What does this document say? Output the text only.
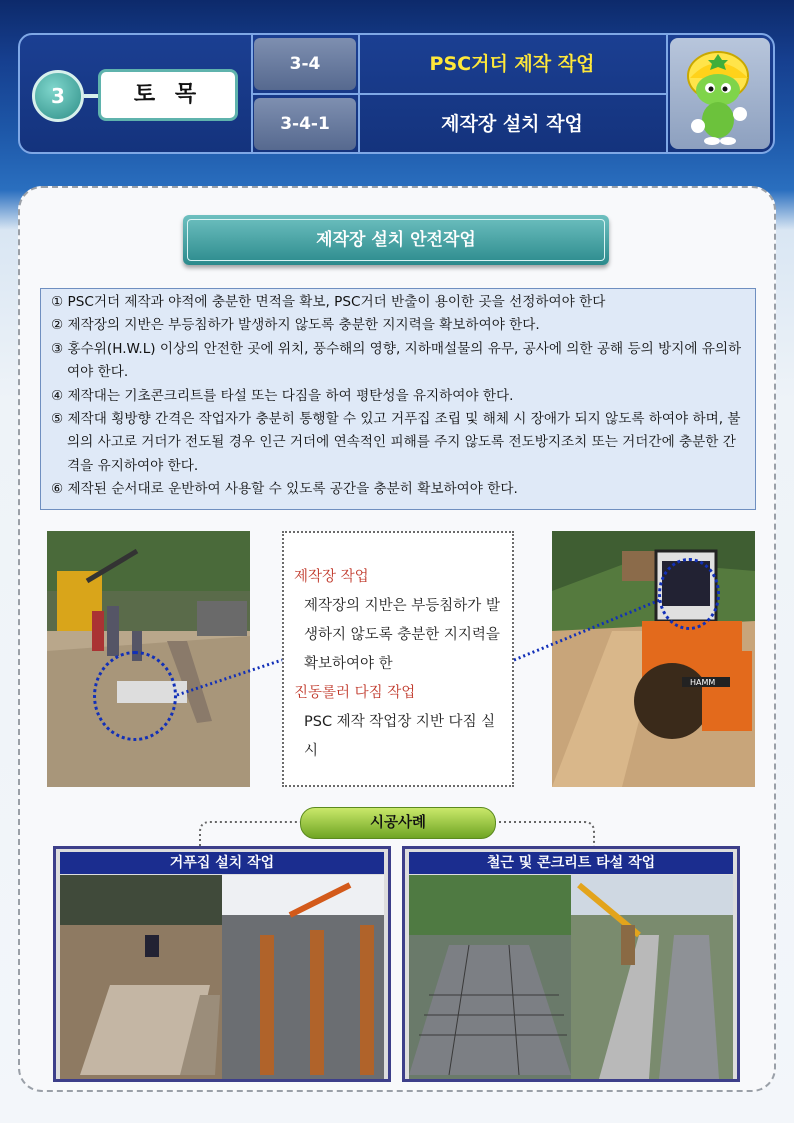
3	토 목
3-4
3-4-1
PSC거더 제작 작업
제작장 설치 작업
제작장 설치 안전작업

① PSC거더 제작과 야적에 충분한 면적을 확보, PSC거더 반출이 용이한 곳을 선정하여야 한다

② 제작장의 지반은 부등침하가 발생하지 않도록 충분한 지지력을 확보하여야 한다.

③ 홍수위(H.W.L) 이상의 안전한 곳에 위치, 풍수해의 영향, 지하매설물의 유무, 공사에 의한 공해 등의 방지에 유의하여야 한다.

④ 제작대는 기초콘크리트를 타설 또는 다짐을 하여 평탄성을 유지하여야 한다.

⑤ 제작대 횡방향 간격은 작업자가 충분히 통행할 수 있고 거푸집 조립 및 해체 시 장애가 되지 않도록 하여야 하며, 불의의 사고로 거더가 전도될 경우 인근 거더에 연속적인 피해를 주지 않도록 전도방지조치 또는 거더간에 충분한 간격을 유지하여야 한다.

⑥ 제작된 순서대로 운반하여 사용할 수 있도록 공간을 충분히 확보하여야 한다.

제작장 작업
제작장의 지반은 부등침하가 발생하지 않도록 충분한 지지력을 확보하여야 한
진동롤러 다짐 작업
PSC 제작 작업장 지반 다짐 실시
HAMM
시공사례
거푸집 설치 작업	철근 및 콘크리트 타설 작업
